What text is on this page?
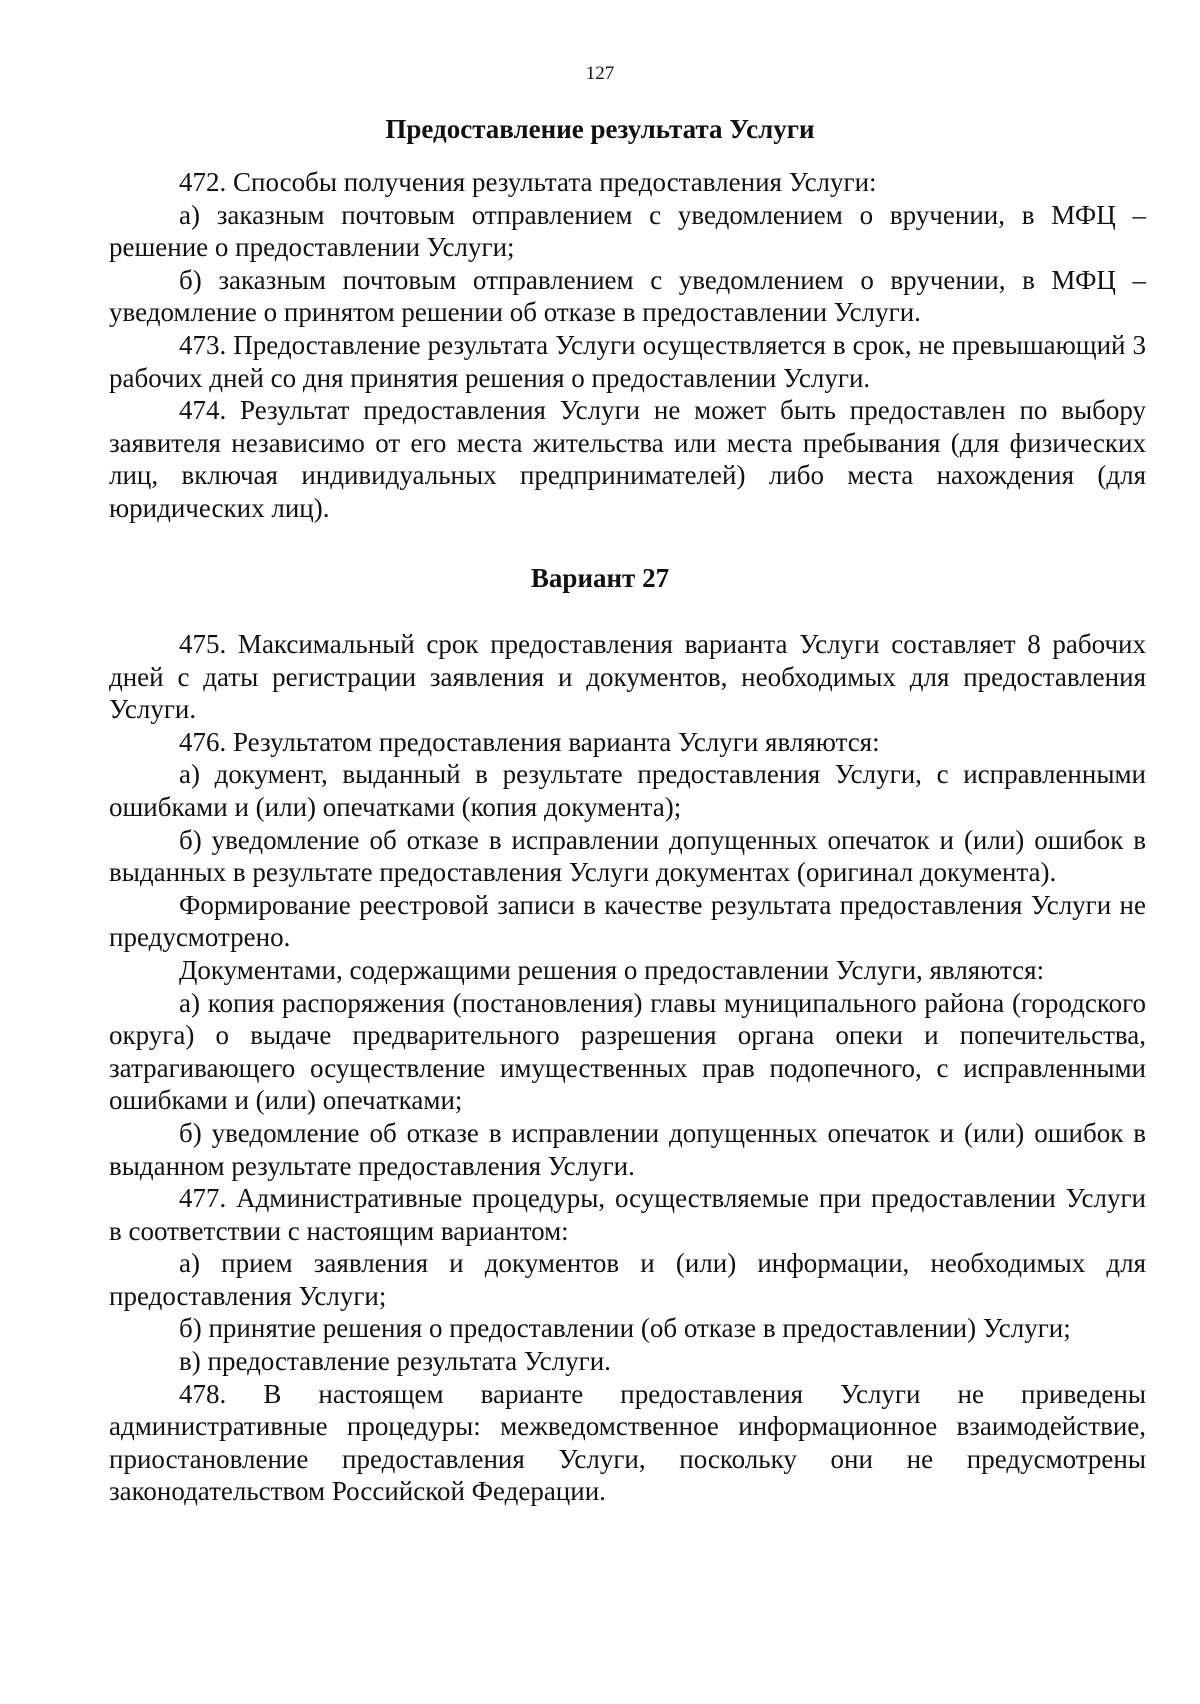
127
Предоставление результата Услуги

472. Способы получения результата предоставления Услуги:

а) заказным почтовым отправлением с уведомлением о вручении, в МФЦ – решение о предоставлении Услуги;

б) заказным почтовым отправлением с уведомлением о вручении, в МФЦ – уведомление о принятом решении об отказе в предоставлении Услуги.

473. Предоставление результата Услуги осуществляется в срок, не превышающий 3 рабочих дней со дня принятия решения о предоставлении Услуги.

474. Результат предоставления Услуги не может быть предоставлен по выбору заявителя независимо от его места жительства или места пребывания (для физических лиц, включая индивидуальных предпринимателей) либо места нахождения (для юридических лиц).

Вариант 27

475. Максимальный срок предоставления варианта Услуги составляет 8 рабочих дней с даты регистрации заявления и документов, необходимых для предоставления Услуги.

476. Результатом предоставления варианта Услуги являются:

а) документ, выданный в результате предоставления Услуги, с исправленными ошибками и (или) опечатками (копия документа);

б) уведомление об отказе в исправлении допущенных опечаток и (или) ошибок в выданных в результате предоставления Услуги документах (оригинал документа).

Формирование реестровой записи в качестве результата предоставления Услуги не предусмотрено.

Документами, содержащими решения о предоставлении Услуги, являются:

а) копия распоряжения (постановления) главы муниципального района (городского округа) о выдаче предварительного разрешения органа опеки и попечительства, затрагивающего осуществление имущественных прав подопечного, с исправленными ошибками и (или) опечатками;

б) уведомление об отказе в исправлении допущенных опечаток и (или) ошибок в выданном результате предоставления Услуги.

477. Административные процедуры, осуществляемые при предоставлении Услуги в соответствии с настоящим вариантом:

а) прием заявления и документов и (или) информации, необходимых для предоставления Услуги;

б) принятие решения о предоставлении (об отказе в предоставлении) Услуги;

в) предоставление результата Услуги.

478. В настоящем варианте предоставления Услуги не приведены административные процедуры: межведомственное информационное взаимодействие, приостановление предоставления Услуги, поскольку они не предусмотрены законодательством Российской Федерации.
